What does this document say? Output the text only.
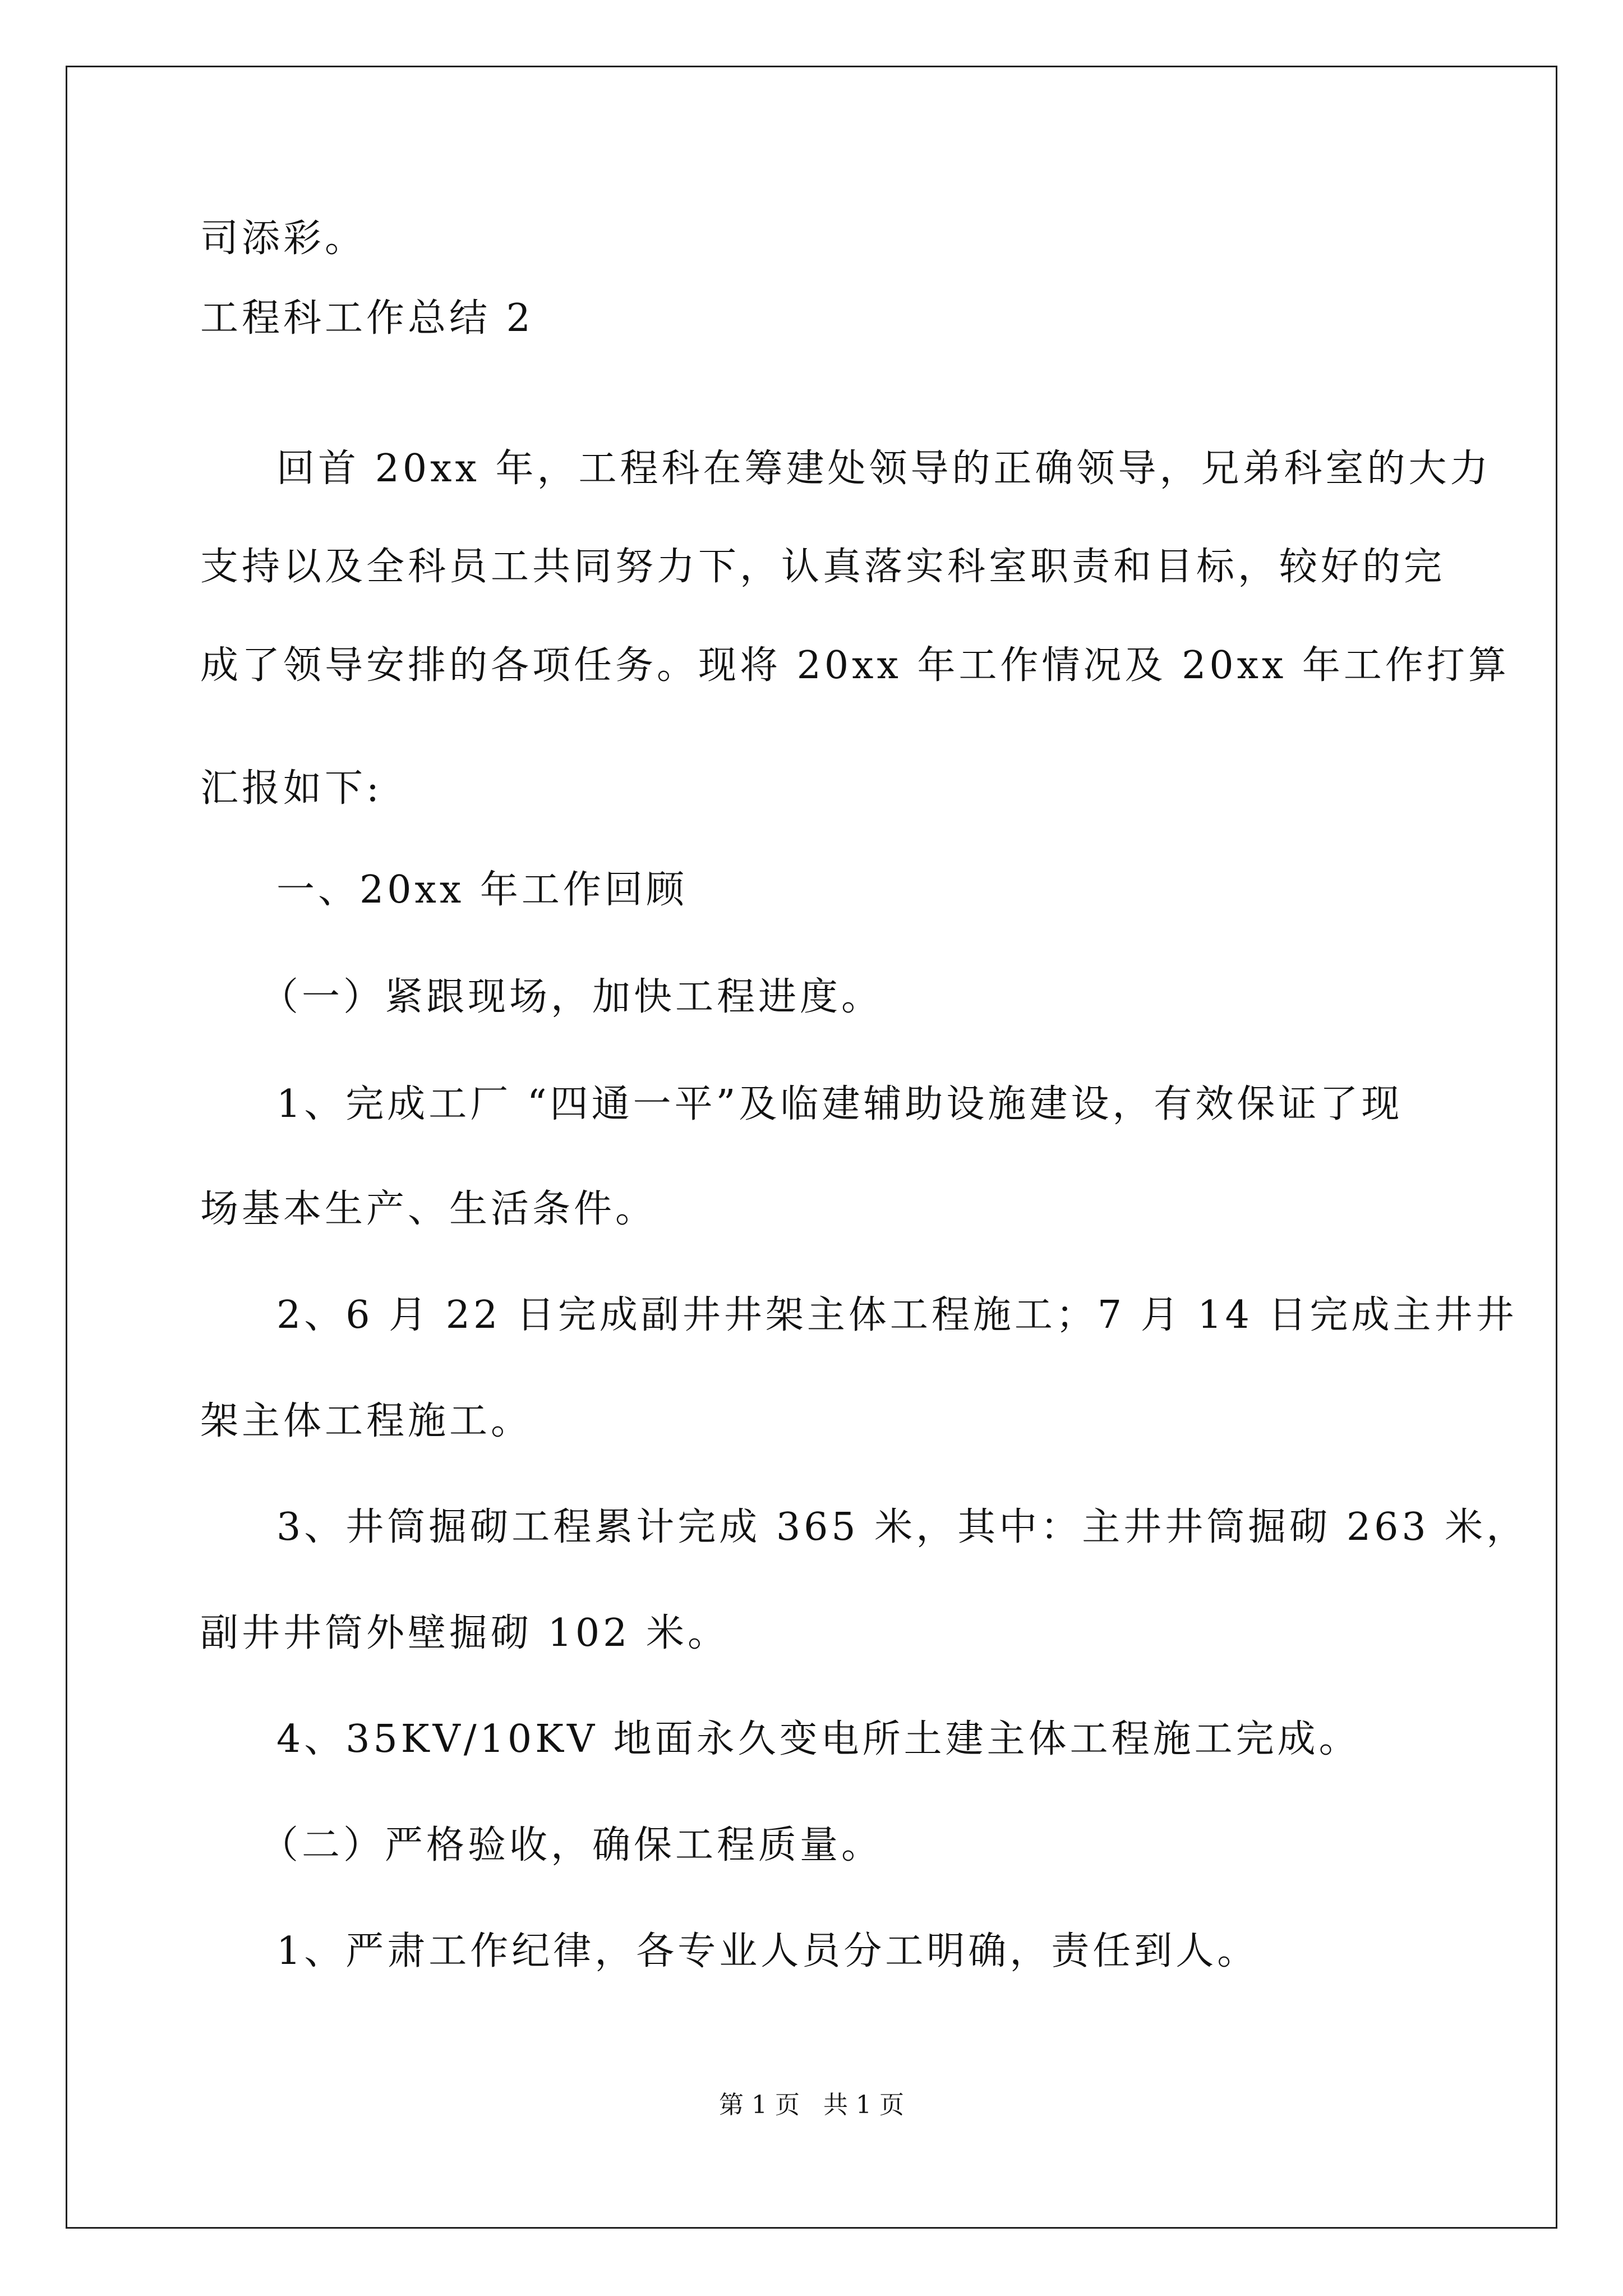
司添彩。
工程科工作总结 2
回首 20xx 年，工程科在筹建处领导的正确领导，兄弟科室的大力
支持以及全科员工共同努力下，认真落实科室职责和目标，较好的完
成了领导安排的各项任务。现将 20xx 年工作情况及 20xx 年工作打算
汇报如下:
一、20xx 年工作回顾
（一）紧跟现场，加快工程进度。
1、完成工厂 “四通一平”及临建辅助设施建设，有效保证了现
场基本生产、生活条件。
2、6 月 22 日完成副井井架主体工程施工；7 月 14 日完成主井井
架主体工程施工。
3、井筒掘砌工程累计完成 365 米，其中：主井井筒掘砌 263 米，
副井井筒外壁掘砌 102 米。
4、35KV/10KV 地面永久变电所土建主体工程施工完成。
（二）严格验收，确保工程质量。
1、严肃工作纪律，各专业人员分工明确，责任到人。
第 1 页   共 1 页
